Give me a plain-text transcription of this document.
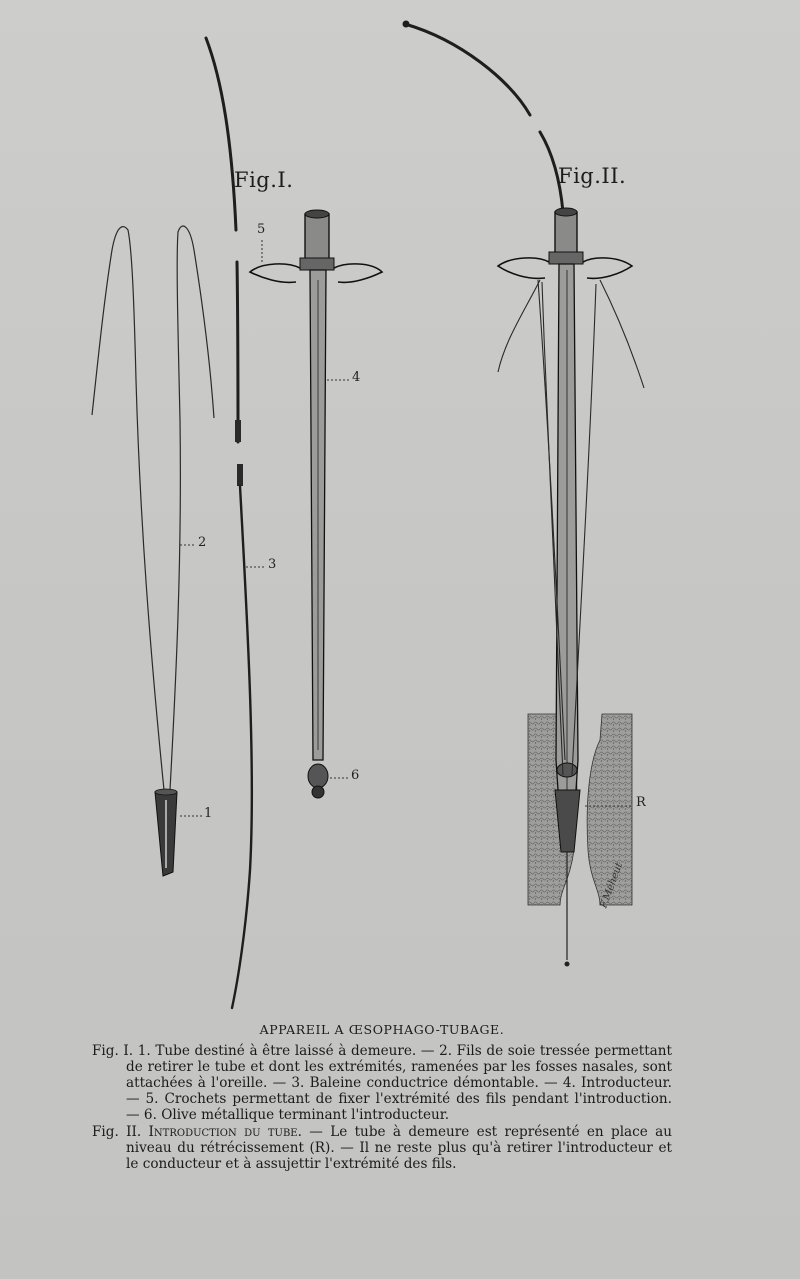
Fig.I.	Fig.II.
1
2
3
4
5
6
R
F.Méheut

APPAREIL A ŒSOPHAGO-TUBAGE.

Fig. I. 1. Tube destiné à être laissé à demeure. — 2. Fils de soie tressée permettant de retirer le tube et dont les extrémités, ramenées par les fosses nasales, sont attachées à l'oreille. — 3. Baleine conductrice démontable. — 4. Introducteur. — 5. Crochets permettant de fixer l'extrémité des fils pendant l'introduction. — 6. Olive métallique terminant l'introducteur.

Fig. II. Introduction du tube. — Le tube à demeure est représenté en place au niveau du rétrécissement (R). — Il ne reste plus qu'à retirer l'introducteur et le conducteur et à assujettir l'extrémité des fils.
